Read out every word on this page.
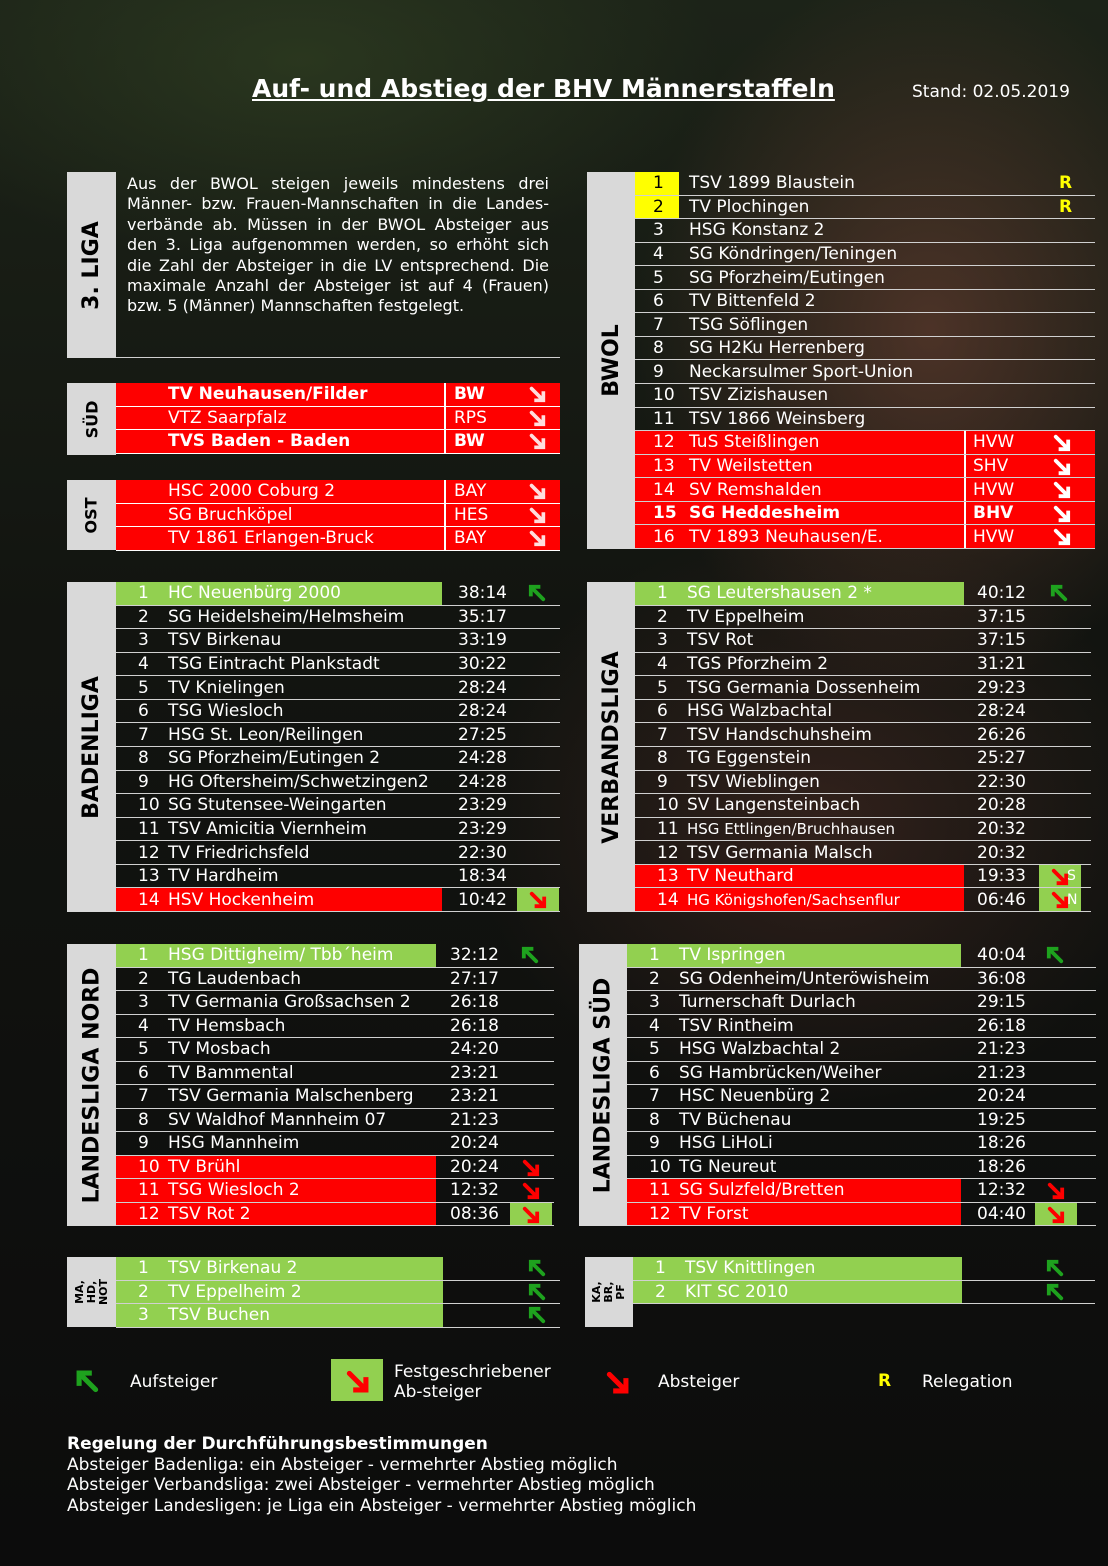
Auf- und Abstieg der BHV Männerstaffeln	Stand: 02.05.2019
3. LIGA
Aus der BWOL steigen jeweils mindestens drei Männer- bzw. Frauen-Mannschaften in die Landes-verbände ab. Müssen in der BWOL Absteiger aus den 3. Liga aufgenommen werden, so erhöht sich die Zahl der Absteiger in die LV entsprechend. Die maximale Anzahl der Absteiger ist auf 4 (Frauen) bzw. 5 (Männer) Mannschaften festgelegt.
SÜD
TV Neuhausen/Filder	BW
VTZ Saarpfalz	RPS
TVS Baden - Baden	BW
OST
HSC 2000 Coburg 2	BAY
SG Bruchköpel	HES
TV 1861 Erlangen-Bruck	BAY
BWOL
1 TSV 1899 Blaustein	R
2 TV Plochingen	R
3 HSG Konstanz 2
4 SG Köndringen/Teningen
5 SG Pforzheim/Eutingen
6 TV Bittenfeld 2
7 TSG Söflingen
8 SG H2Ku Herrenberg
9 Neckarsulmer Sport-Union
10 TSV Zizishausen
11 TSV 1866 Weinsberg
12 TuS Steißlingen	HVW
13 TV Weilstetten	SHV
14 SV Remshalden	HVW
15 SG Heddesheim	BHV
16 TV 1893 Neuhausen/E.	HVW
BADENLIGA
1 HC Neuenbürg 2000	38:14
2 SG Heidelsheim/Helmsheim	35:17
3 TSV Birkenau	33:19
4 TSG Eintracht Plankstadt	30:22
5 TV Knielingen	28:24
6 TSG Wiesloch	28:24
7 HSG St. Leon/Reilingen	27:25
8 SG Pforzheim/Eutingen 2	24:28
9 HG Oftersheim/Schwetzingen2 24:28
10 SG Stutensee-Weingarten	23:29
11 TSV Amicitia Viernheim	23:29
12 TV Friedrichsfeld	22:30
13 TV Hardheim	18:34
14 HSV Hockenheim	10:42
VERBANDSLIGA
1 SG Leutershausen 2 *	40:12
2 TV Eppelheim	37:15
3 TSV Rot	37:15
4 TGS Pforzheim 2	31:21
5 TSG Germania Dossenheim	29:23
6 HSG Walzbachtal	28:24
7 TSV Handschuhsheim	26:26
8 TG Eggenstein	25:27
9 TSV Wieblingen	22:30
10 SV Langensteinbach	20:28
11 HSG Ettlingen/Bruchhausen	20:32
12 TSV Germania Malsch	20:32
13 TV Neuthard	19:33	S
14 HG Königshofen/Sachsenflur	06:46	N
LANDESLIGA NORD
1 HSG Dittigheim/ Tbb´heim	32:12
2 TG Laudenbach	27:17
3 TV Germania Großsachsen 2 26:18
4 TV Hemsbach	26:18
5 TV Mosbach	24:20
6 TV Bammental	23:21
7 TSV Germania Malschenberg 23:21
8 SV Waldhof Mannheim 07	21:23
9 HSG Mannheim	20:24
10 TV Brühl	20:24
11 TSG Wiesloch 2	12:32
12 TSV Rot 2	08:36
LANDESLIGA SÜD
1 TV Ispringen	40:04
2 SG Odenheim/Unteröwisheim	36:08
3 Turnerschaft Durlach	29:15
4 TSV Rintheim	26:18
5 HSG Walzbachtal 2	21:23
6 SG Hambrücken/Weiher	21:23
7 HSC Neuenbürg 2	20:24
8 TV Büchenau	19:25
9 HSG LiHoLi	18:26
10 TG Neureut	18:26
11 SG Sulzfeld/Bretten	12:32
12 TV Forst	04:40
MA, HD, NOT
1 TSV Birkenau 2
2 TV Eppelheim 2
3 TSV Buchen
KA, BR, PF
1 TSV Knittlingen
2 KIT SC 2010
Aufsteiger	Festgeschriebener Ab-steiger	Absteiger	R Relegation
Regelung der Durchführungsbestimmungen
Absteiger Badenliga: ein Absteiger - vermehrter Abstieg möglich
Absteiger Verbandsliga: zwei Absteiger - vermehrter Abstieg möglich
Absteiger Landesligen: je Liga ein Absteiger - vermehrter Abstieg möglich
